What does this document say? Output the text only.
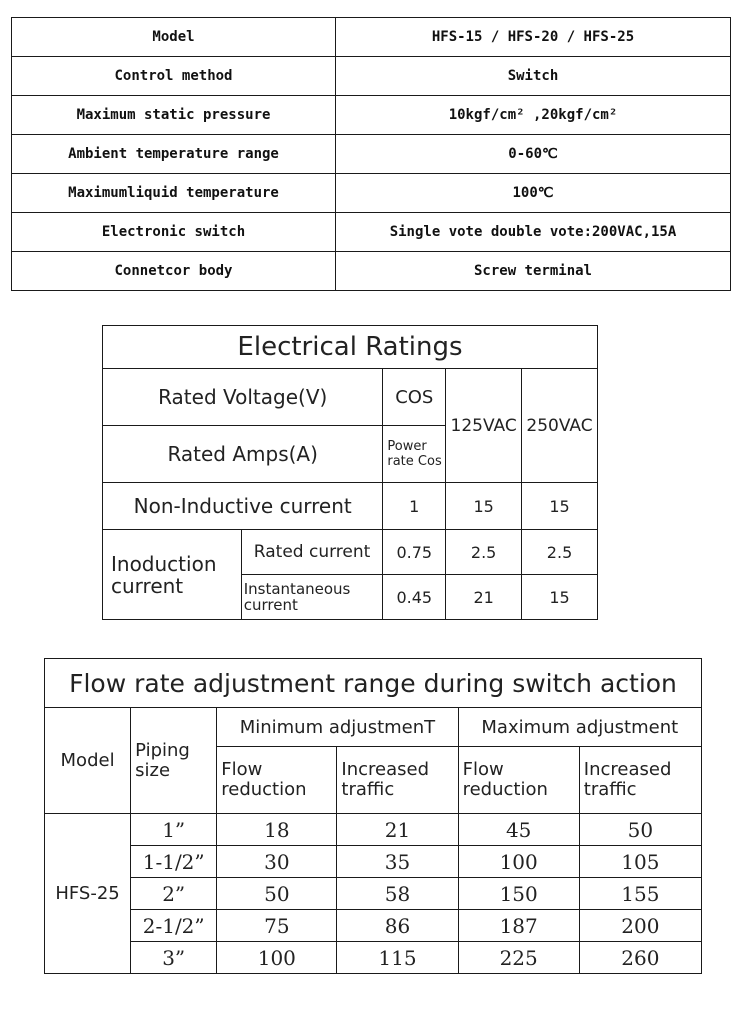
Model	HFS-15 / HFS-20 / HFS-25
Control method	Switch
Maximum static pressure	10kgf/cm² ,20kgf/cm²
Ambient temperature range	0-60℃
Maximumliquid temperature	100℃
Electronic switch	Single vote double vote:200VAC,15A
Connetcor body	Screw terminal
Electrical Ratings				
Rated Voltage(V)		COS	125VAC	250VAC
Rated Amps(A)		Power rate Cos		
Non-Inductive current		1	15	15
Inoduction current	Rated current	0.75	2.5	2.5
	Instantaneous current	0.45	21	15
Flow rate adjustment range during switch action					
Model	Piping size	Minimum adjustmenT		Maximum adjustment	
		Flow reduction	Increased traffic	Flow reduction	Increased traffic
HFS-25	1”	18	21	45	50
	1-1/2”	30	35	100	105
	2”	50	58	150	155
	2-1/2”	75	86	187	200
	3”	100	115	225	260
